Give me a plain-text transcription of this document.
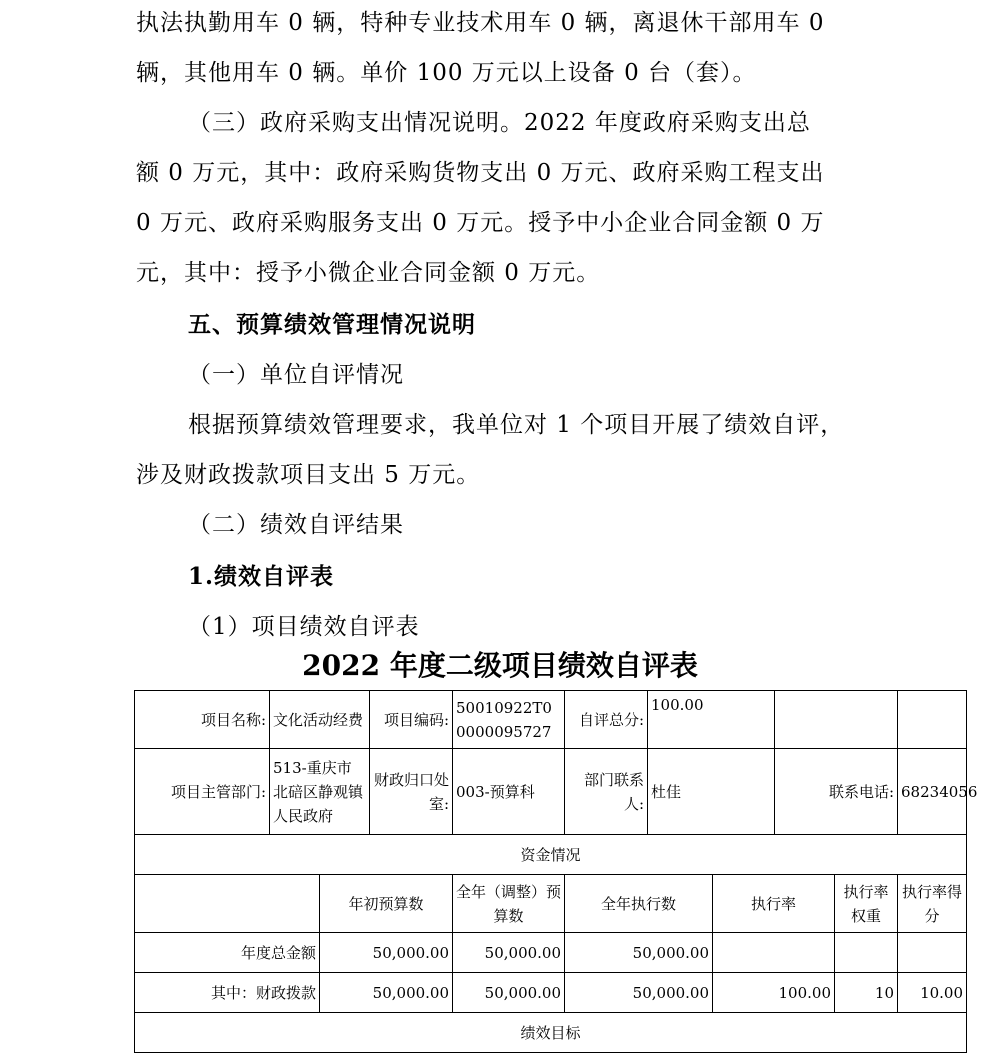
执法执勤用车 0 辆，特种专业技术用车 0 辆，离退休干部用车 0
辆，其他用车 0 辆。单价 100 万元以上设备 0 台（套）。
（三）政府采购支出情况说明。2022 年度政府采购支出总
额 0 万元，其中：政府采购货物支出 0 万元、政府采购工程支出
0 万元、政府采购服务支出 0 万元。授予中小企业合同金额 0 万
元，其中：授予小微企业合同金额 0 万元。
五、预算绩效管理情况说明
（一）单位自评情况
根据预算绩效管理要求，我单位对 1 个项目开展了绩效自评，
涉及财政拨款项目支出 5 万元。
（二）绩效自评结果
1.绩效自评表
（1）项目绩效自评表
2022 年度二级项目绩效自评表
项目名称:	文化活动经费		项目编码:	50010922T00000095727	自评总分:	100.00				
项目主管部门:	513-重庆市北碚区静观镇人民政府		财政归口处室:	003-预算科	部门联系人:	杜佳		联系电话:		68234056
资金情况										
		年初预算数		全年（调整）预算数	全年执行数		执行率		执行率权重	执行率得分
年度总金额		50,000.00		50,000.00	50,000.00					
其中：财政拨款		50,000.00		50,000.00	50,000.00		100.00		10	10.00
绩效目标										
